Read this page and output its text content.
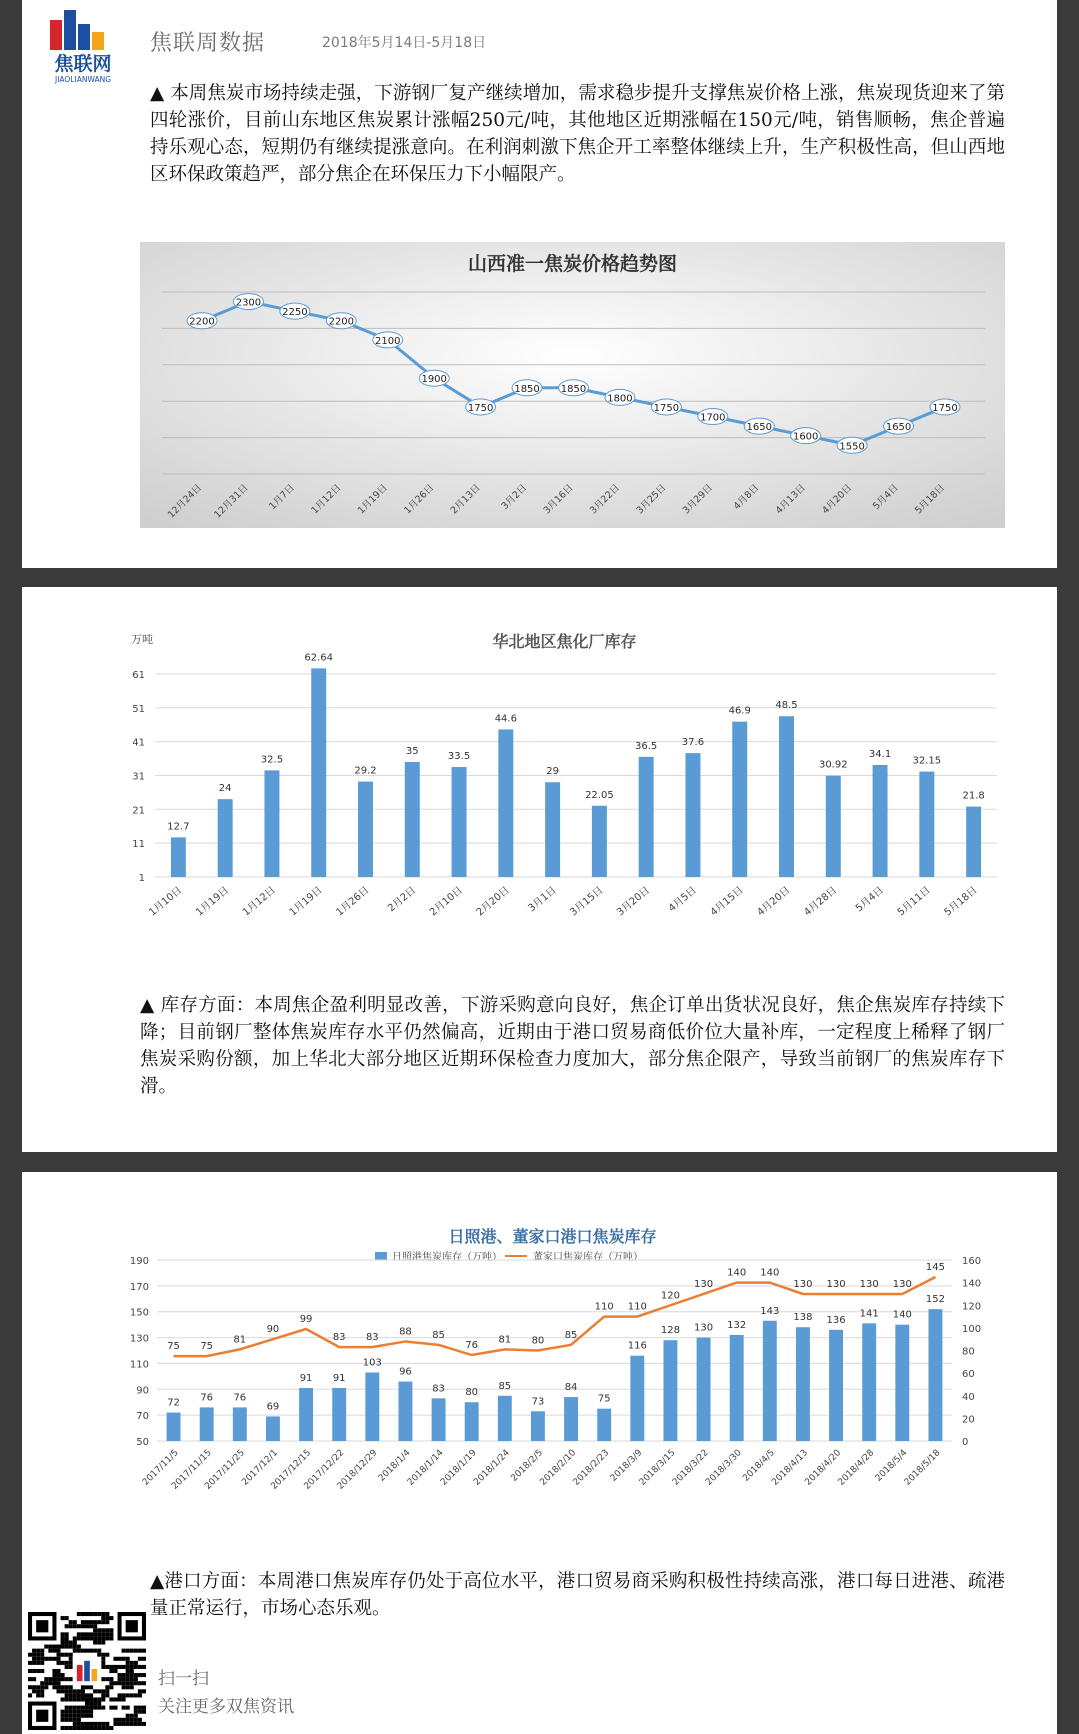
焦联网
JIAOLIANWANG
焦联周数据	2018年5月14日-5月18日
▲ 本周焦炭市场持续走强，下游钢厂复产继续增加，需求稳步提升支撑焦炭价格上涨，焦炭现货迎来了第四轮涨价，目前山东地区焦炭累计涨幅250元/吨，其他地区近期涨幅在150元/吨，销售顺畅，焦企普遍持乐观心态，短期仍有继续提涨意向。在利润刺激下焦企开工率整体继续上升，生产积极性高，但山西地区环保政策趋严，部分焦企在环保压力下小幅限产。
山西准一焦炭价格趋势图
2200
2300
2250
2200
2100
1900
1750
1850 1850
1800
1750
1700
1650
1600
1550
1650
1750
12月24日 12月31日 1月7日 1月12日 1月19日 1月26日 2月13日 3月2日 3月16日 3月22日 3月25日 3月29日 4月8日 4月13日 4月20日 5月4日 5月18日
万吨	华北地区焦化厂库存
1
11
21
31
41
51
61
12.7
1月10日
24
1月19日
32.5
1月12日
62.64
1月19日
29.2
1月26日
35
2月2日
33.5
2月10日
44.6
2月20日
29
3月1日
22.05
3月15日
36.5
3月20日
37.6
4月5日
46.9
4月15日
48.5
4月20日
30.92
4月28日
34.1
5月4日
32.15
5月11日
21.8
5月18日
▲ 库存方面：本周焦企盈利明显改善，下游采购意向良好，焦企订单出货状况良好，焦企焦炭库存持续下降；目前钢厂整体焦炭库存水平仍然偏高，近期由于港口贸易商低价位大量补库，一定程度上稀释了钢厂焦炭采购份额，加上华北大部分地区近期环保检查力度加大，部分焦企限产，导致当前钢厂的焦炭库存下滑。
日照港、董家口港口焦炭库存
日照港焦炭库存（万吨）	董家口焦炭库存（万吨）
50
70
90
110
130
150
170
190
0
20
40
60
80
100
120
140
160
72
2017/11/5
76
2017/11/15
76
2017/11/25
69
2017/12/1
91
2017/12/15
91
2017/12/22
103
2018/12/29
96
2018/1/4
83
2018/1/14
80
2018/1/19
85
2018/1/24
73
2018/2/5
84
2018/2/10
75
2018/2/23
116
2018/3/9
128
2018/3/15
130
2018/3/22
132
2018/3/30
143
2018/4/5
138
2018/4/13
136
2018/4/20
141
2018/4/28
140
2018/5/4
152
2018/5/18
75 75
81
90
99
83 83
88 85
76
81 80
85
110 110
120
130
140 140
130 130 130 130
145
▲港口方面：本周港口焦炭库存仍处于高位水平，港口贸易商采购积极性持续高涨，港口每日进港、疏港量正常运行，市场心态乐观。
扫一扫
关注更多双焦资讯
